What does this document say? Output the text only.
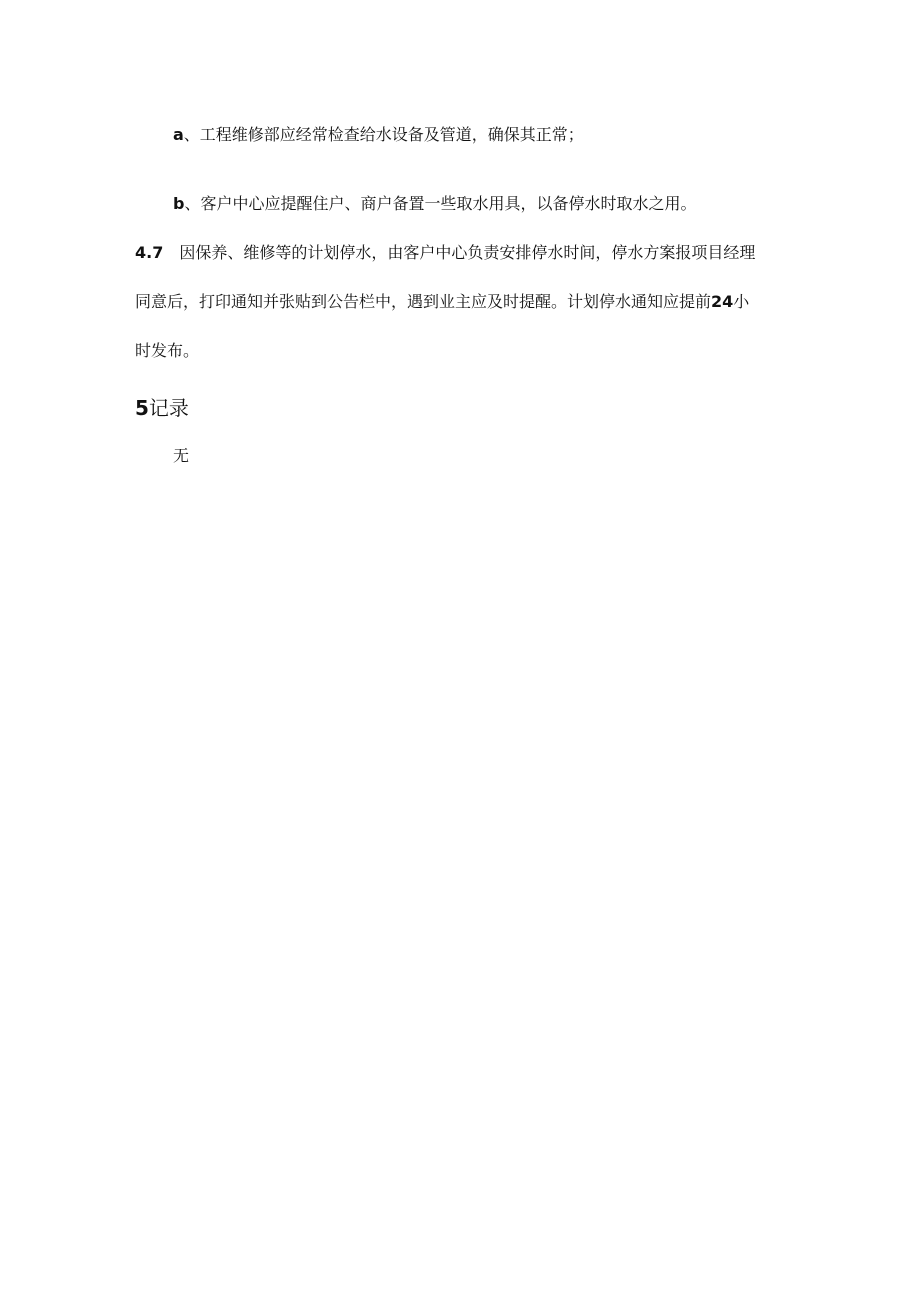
a、工程维修部应经常检查给水设备及管道，确保其正常；
b、客户中心应提醒住户、商户备置一些取水用具，以备停水时取水之用。
4.7 因保养、维修等的计划停水，由客户中心负责安排停水时间，停水方案报项目经理
同意后，打印通知并张贴到公告栏中，遇到业主应及时提醒。计划停水通知应提前24小
时发布。
5记录
无
